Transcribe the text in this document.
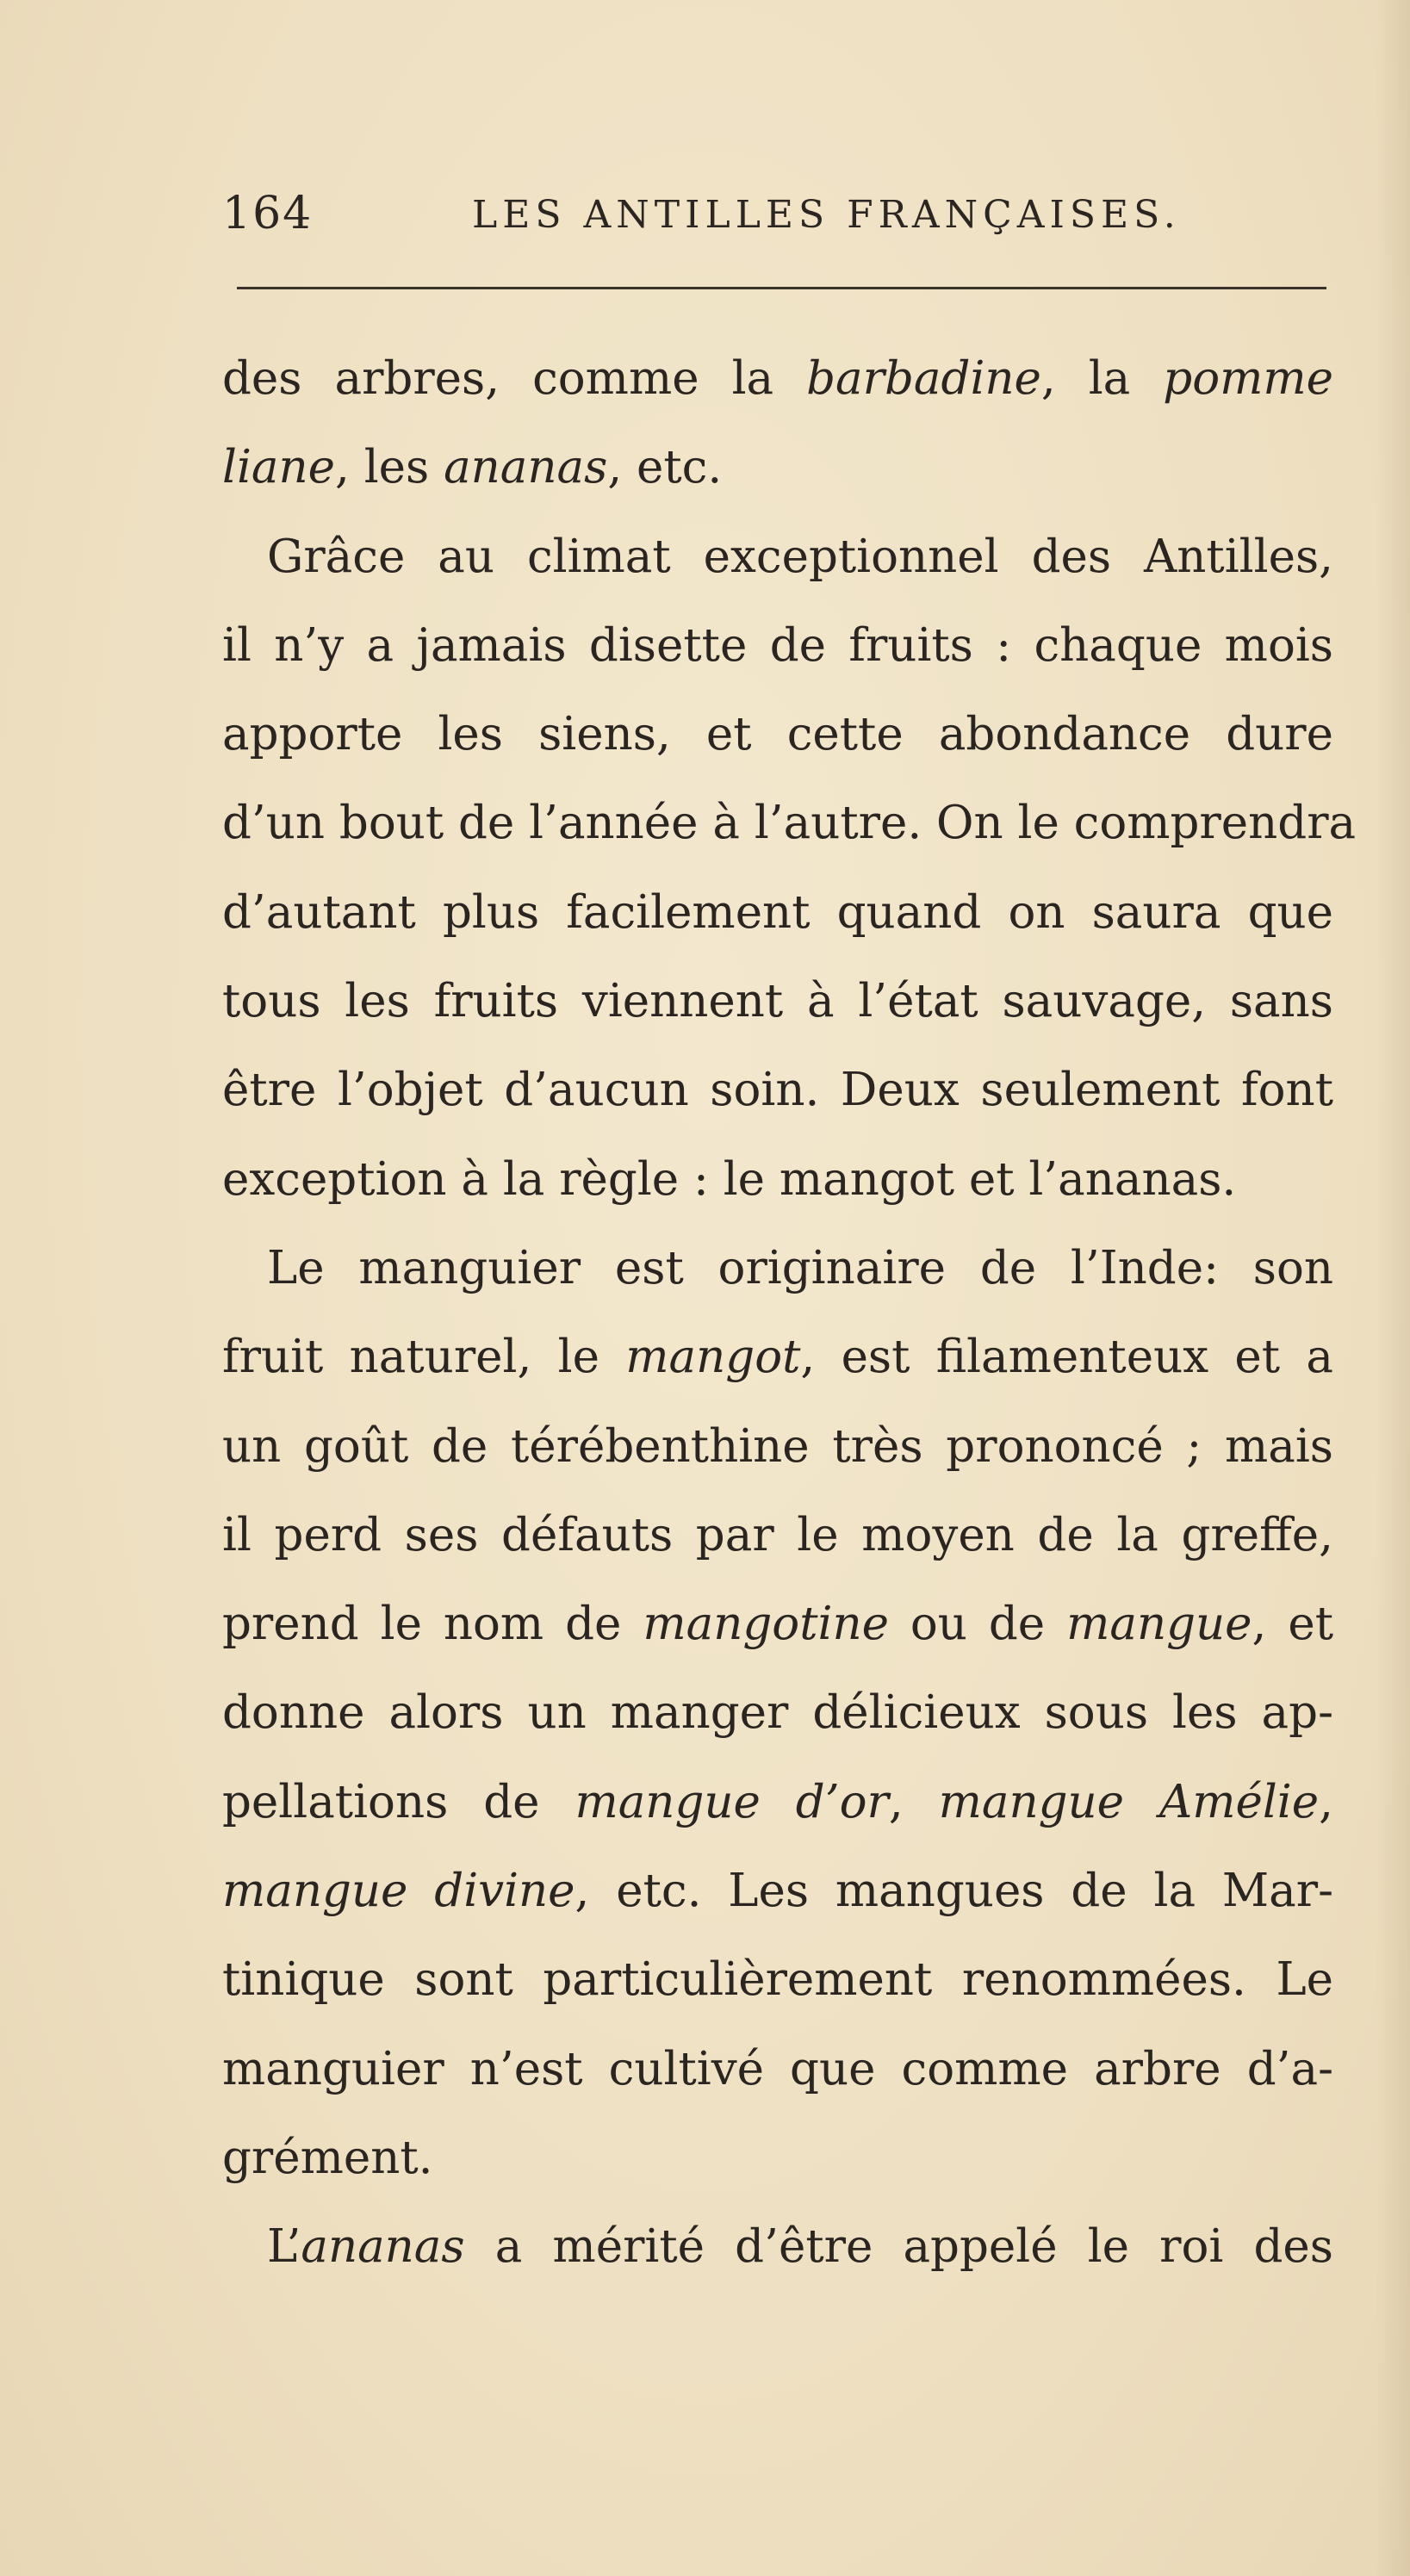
164	LES ANTILLES FRANÇAISES.
des arbres, comme la barbadine, la pomme
liane, les ananas, etc.
Grâce au climat exceptionnel des Antilles,
il n’y a jamais disette de fruits : chaque mois
apporte les siens, et cette abondance dure
d’un bout de l’année à l’autre. On le comprendra
d’autant plus facilement quand on saura que
tous les fruits viennent à l’état sauvage, sans
être l’objet d’aucun soin. Deux seulement font
exception à la règle : le mangot et l’ananas.
Le manguier est originaire de l’Inde: son
fruit naturel, le mangot, est filamenteux et a
un goût de térébenthine très prononcé ; mais
il perd ses défauts par le moyen de la greffe,
prend le nom de mangotine ou de mangue, et
donne alors un manger délicieux sous les ap-
pellations de mangue d’or, mangue Amélie,
mangue divine, etc. Les mangues de la Mar-
tinique sont particulièrement renommées. Le
manguier n’est cultivé que comme arbre d’a-
grément.
L’ananas a mérité d’être appelé le roi des
